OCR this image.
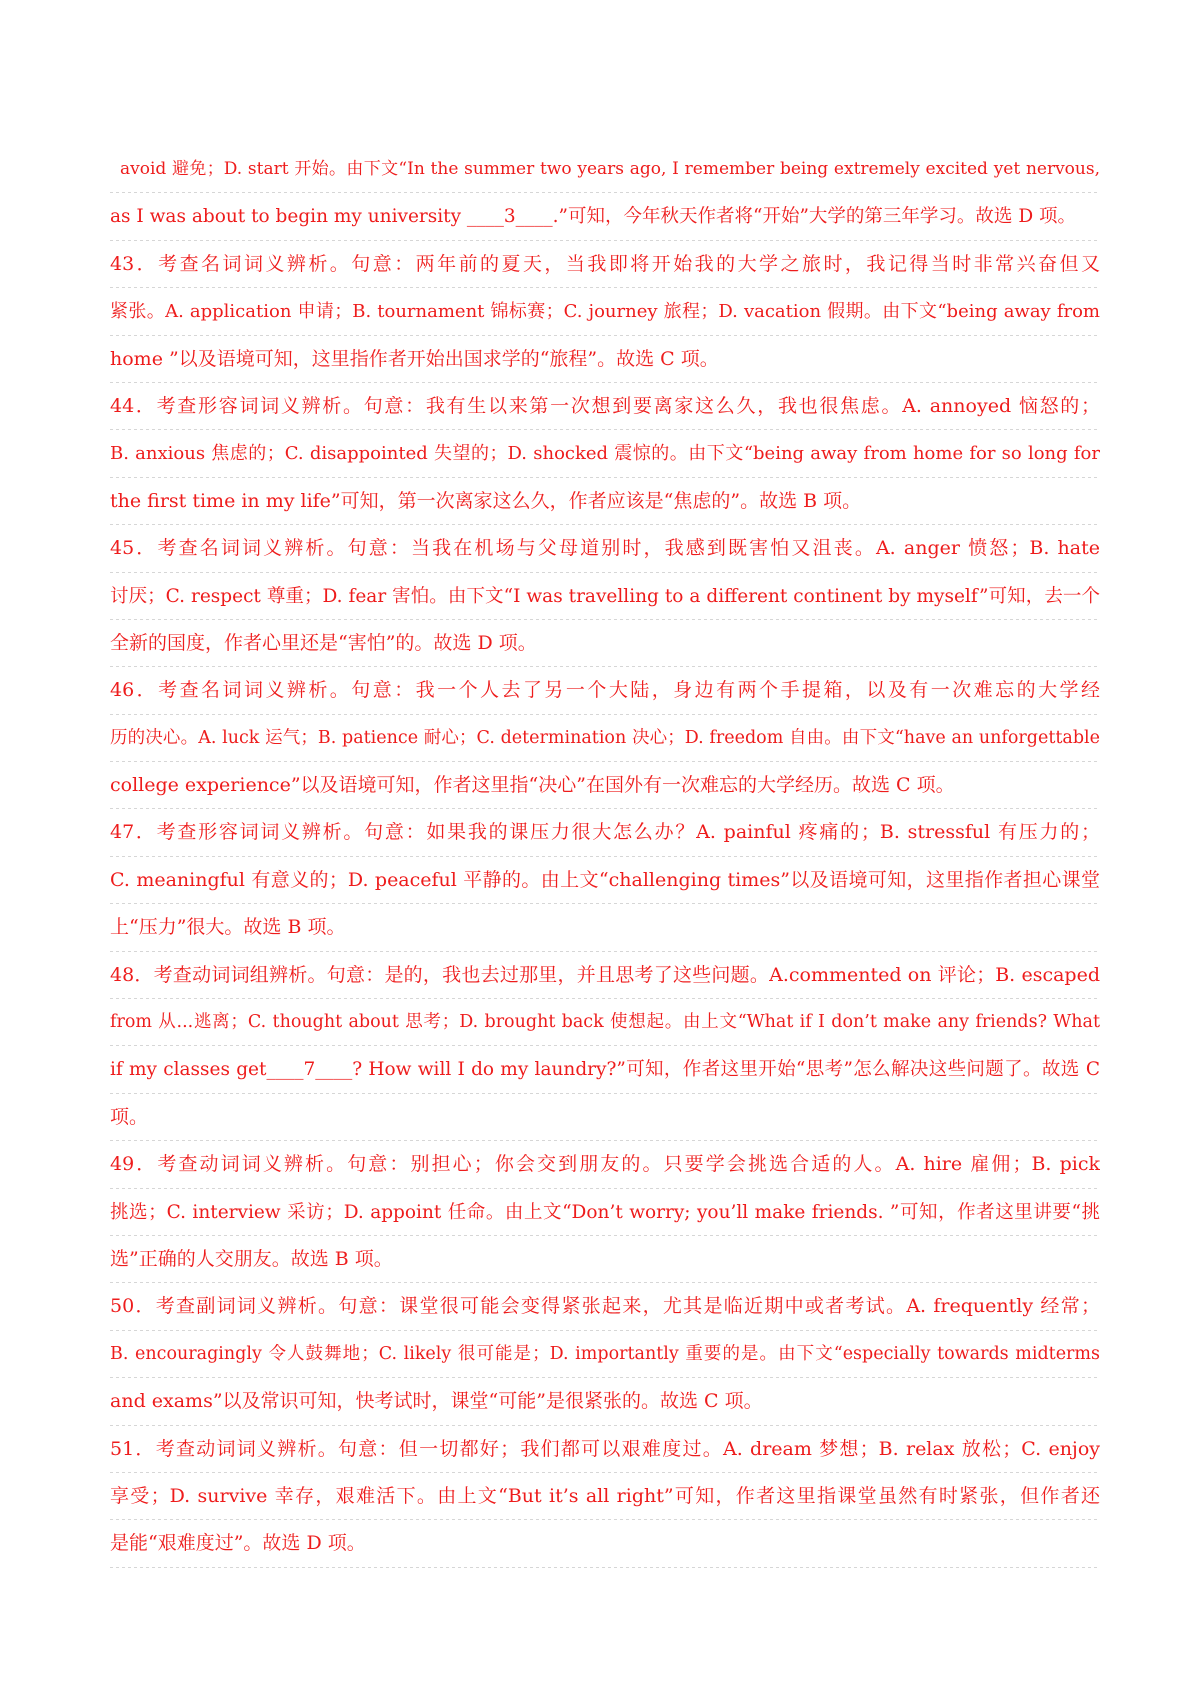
avoid 避免；D. start 开始。由下文“In the summer two years ago, I remember being extremely excited yet nervous,
as I was about to begin my university ____3____.”可知，今年秋天作者将“开始”大学的第三年学习。故选 D 项。
43．考查名词词义辨析。句意：两年前的夏天，当我即将开始我的大学之旅时，我记得当时非常兴奋但又
紧张。A. application 申请；B. tournament 锦标赛；C. journey 旅程；D. vacation 假期。由下文“being away from
home ”以及语境可知，这里指作者开始出国求学的“旅程”。故选 C 项。
44．考查形容词词义辨析。句意：我有生以来第一次想到要离家这么久，我也很焦虑。A. annoyed 恼怒的；
B. anxious 焦虑的；C. disappointed 失望的；D. shocked 震惊的。由下文“being away from home for so long for
the first time in my life”可知，第一次离家这么久，作者应该是“焦虑的”。故选 B 项。
45．考查名词词义辨析。句意：当我在机场与父母道别时，我感到既害怕又沮丧。A. anger 愤怒；B. hate
讨厌；C. respect 尊重；D. fear 害怕。由下文“I was travelling to a different continent by myself”可知，去一个
全新的国度，作者心里还是“害怕”的。故选 D 项。
46．考查名词词义辨析。句意：我一个人去了另一个大陆，身边有两个手提箱，以及有一次难忘的大学经
历的决心。A. luck 运气；B. patience 耐心；C. determination 决心；D. freedom 自由。由下文“have an unforgettable
college experience”以及语境可知，作者这里指“决心”在国外有一次难忘的大学经历。故选 C 项。
47．考查形容词词义辨析。句意：如果我的课压力很大怎么办？A. painful 疼痛的；B. stressful 有压力的；
C. meaningful 有意义的；D. peaceful 平静的。由上文“challenging times”以及语境可知，这里指作者担心课堂
上“压力”很大。故选 B 项。
48．考查动词词组辨析。句意：是的，我也去过那里，并且思考了这些问题。A.commented on 评论；B. escaped
from 从...逃离；C. thought about 思考；D. brought back 使想起。由上文“What if I don’t make any friends? What
if my classes get____7____? How will I do my laundry?”可知，作者这里开始“思考”怎么解决这些问题了。故选 C
项。
49．考查动词词义辨析。句意：别担心；你会交到朋友的。只要学会挑选合适的人。A. hire 雇佣；B. pick
挑选；C. interview 采访；D. appoint 任命。由上文“Don’t worry; you’ll make friends. ”可知，作者这里讲要“挑
选”正确的人交朋友。故选 B 项。
50．考查副词词义辨析。句意：课堂很可能会变得紧张起来，尤其是临近期中或者考试。A. frequently 经常；
B. encouragingly 令人鼓舞地；C. likely 很可能是；D. importantly 重要的是。由下文“especially towards midterms
and exams”以及常识可知，快考试时，课堂“可能”是很紧张的。故选 C 项。
51．考查动词词义辨析。句意：但一切都好；我们都可以艰难度过。A. dream 梦想；B. relax 放松；C. enjoy
享受；D. survive 幸存，艰难活下。由上文“But it’s all right”可知，作者这里指课堂虽然有时紧张，但作者还
是能“艰难度过”。故选 D 项。
